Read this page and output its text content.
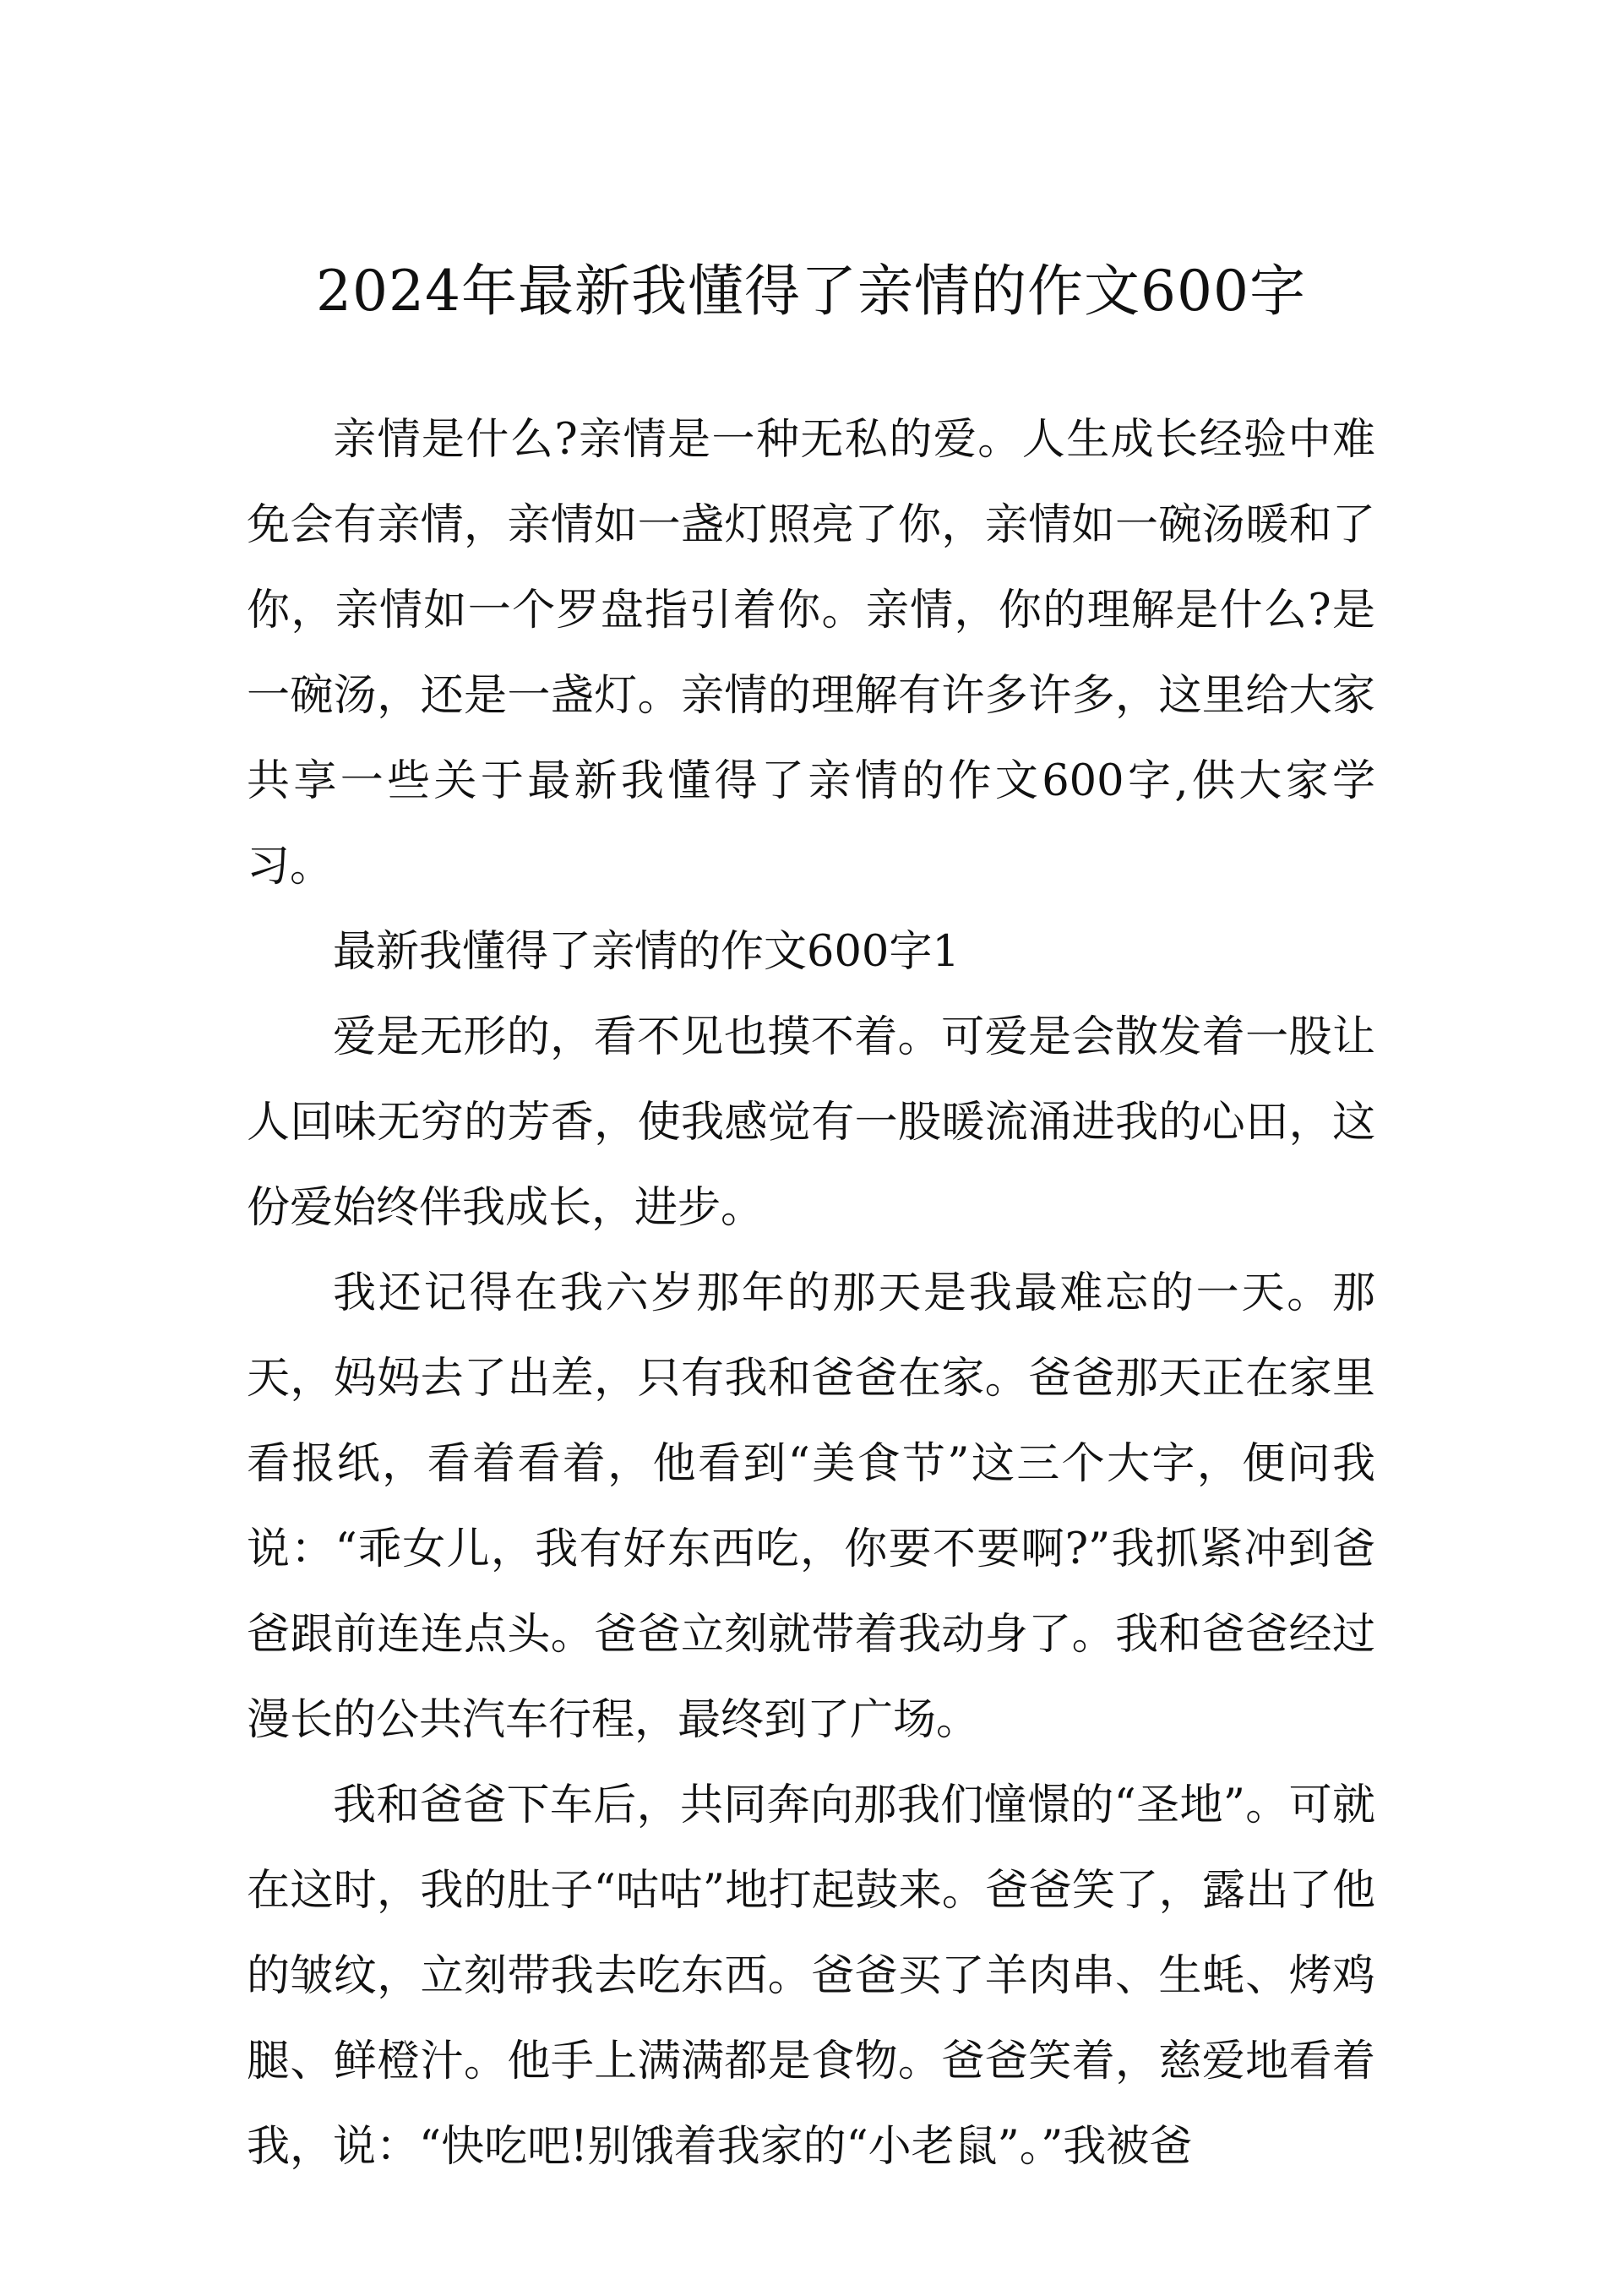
2024年最新我懂得了亲情的作文600字

亲情是什么?亲情是一种无私的爱。人生成长经验中难免会有亲情，亲情如一盏灯照亮了你，亲情如一碗汤暖和了你，亲情如一个罗盘指引着你。亲情，你的理解是什么?是一碗汤，还是一盏灯。亲情的理解有许多许多，这里给大家共享一些关于最新我懂得了亲情的作文600字,供大家学习。

最新我懂得了亲情的作文600字1

爱是无形的，看不见也摸不着。可爱是会散发着一股让人回味无穷的芳香，使我感觉有一股暖流涌进我的心田，这份爱始终伴我成长，进步。

我还记得在我六岁那年的那天是我最难忘的一天。那天，妈妈去了出差，只有我和爸爸在家。爸爸那天正在家里看报纸，看着看着，他看到“美食节”这三个大字，便问我说：“乖女儿，我有好东西吃，你要不要啊?”我抓紧冲到爸爸跟前连连点头。爸爸立刻就带着我动身了。我和爸爸经过漫长的公共汽车行程，最终到了广场。

我和爸爸下车后，共同奔向那我们憧憬的“圣地”。可就在这时，我的肚子“咕咕”地打起鼓来。爸爸笑了，露出了他的皱纹，立刻带我去吃东西。爸爸买了羊肉串、生蚝、烤鸡腿、鲜橙汁。他手上满满都是食物。爸爸笑着，慈爱地看着我，说：“快吃吧!别饿着我家的“小老鼠”。”我被爸
